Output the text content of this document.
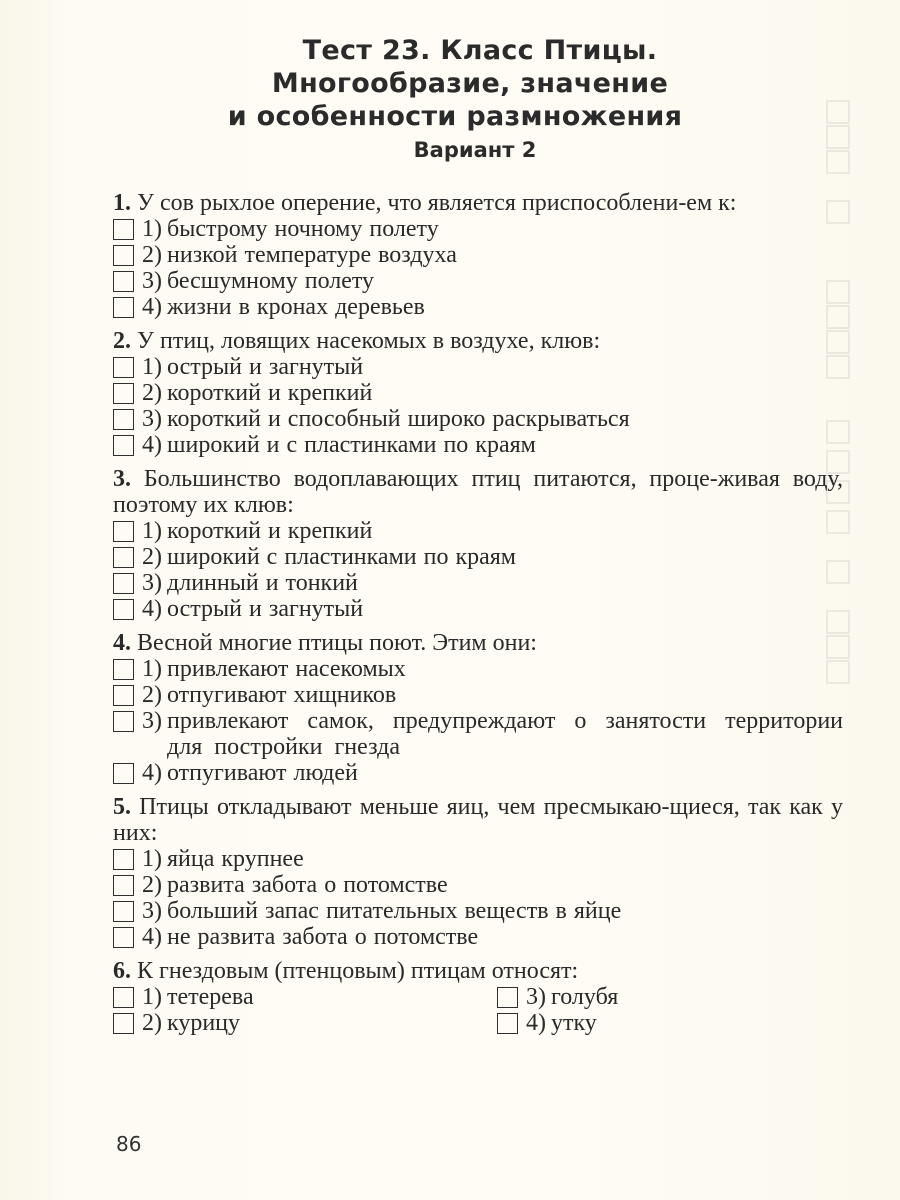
Тест 23. Класс Птицы.
Многообразие, значение
и особенности размножения
Вариант 2

1. У сов рыхлое оперение, что является приспособлени-ем к:

1) быстрому ночному полету
2) низкой температуре воздуха
3) бесшумному полету
4) жизни в кронах деревьев

2. У птиц, ловящих насекомых в воздухе, клюв:

1) острый и загнутый
2) короткий и крепкий
3) короткий и способный широко раскрываться
4) широкий и с пластинками по краям

3. Большинство водоплавающих птиц питаются, проце-живая воду, поэтому их клюв:

1) короткий и крепкий
2) широкий с пластинками по краям
3) длинный и тонкий
4) острый и загнутый

4. Весной многие птицы поют. Этим они:

1) привлекают насекомых
2) отпугивают хищников
3) привлекают самок, предупреждают о занятости территории для постройки гнезда
4) отпугивают людей

5. Птицы откладывают меньше яиц, чем пресмыкаю-щиеся, так как у них:

1) яйца крупнее
2) развита забота о потомстве
3) больший запас питательных веществ в яйце
4) не развита забота о потомстве

6. К гнездовым (птенцовым) птицам относят:

1) тетерева	3) голубя
2) курицу	4) утку
86
